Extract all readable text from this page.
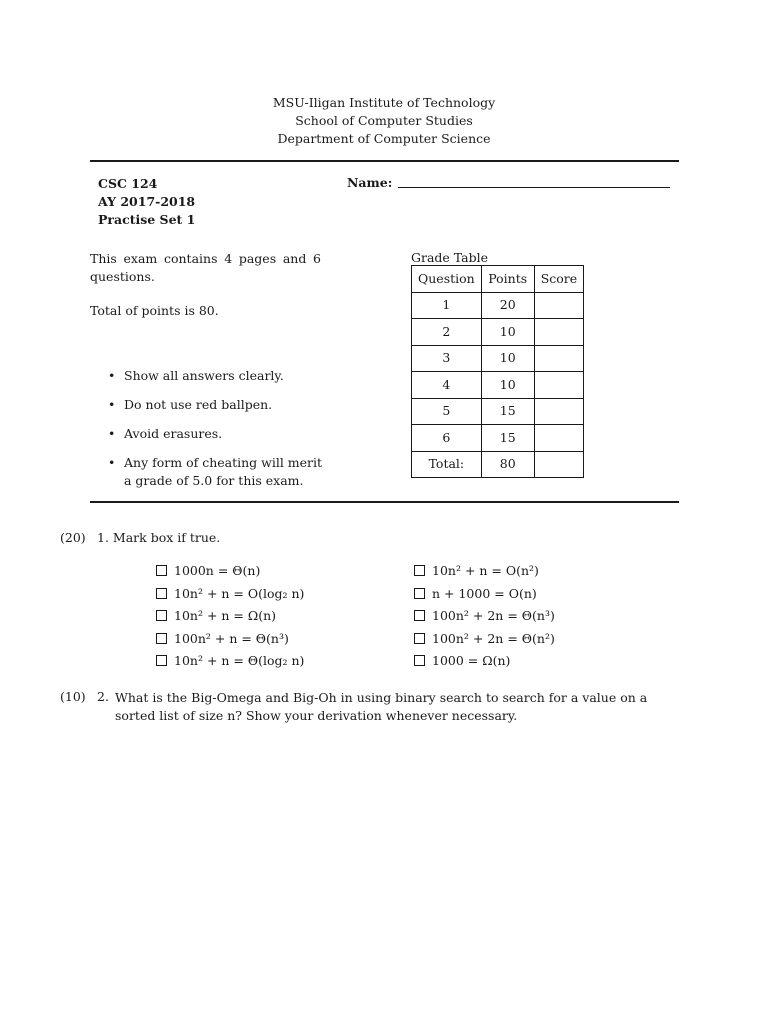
MSU-Iligan Institute of Technology
School of Computer Studies
Department of Computer Science
CSC 124
AY 2017-2018
Practise Set 1
Name:
This exam contains 4 pages and 6 questions.
Total of points is 80.
• Show all answers clearly.
• Do not use red ballpen.
• Avoid erasures.
• Any form of cheating will merit a grade of 5.0 for this exam.
Grade Table
Question	Points	Score
1	20	
2	10	
3	10	
4	10	
5	15	
6	15	
Total:	80	
(20) 1. Mark box if true.
1000n = Θ(n)
10n² + n = O(log₂ n)
10n² + n = Ω(n)
100n² + n = Θ(n³)
10n² + n = Θ(log₂ n)
10n² + n = O(n²)
n + 1000 = O(n)
100n² + 2n = Θ(n³)
100n² + 2n = Θ(n²)
1000 = Ω(n)
(10) 2. What is the Big-Omega and Big-Oh in using binary search to search for a value on a sorted list of size n? Show your derivation whenever necessary.
